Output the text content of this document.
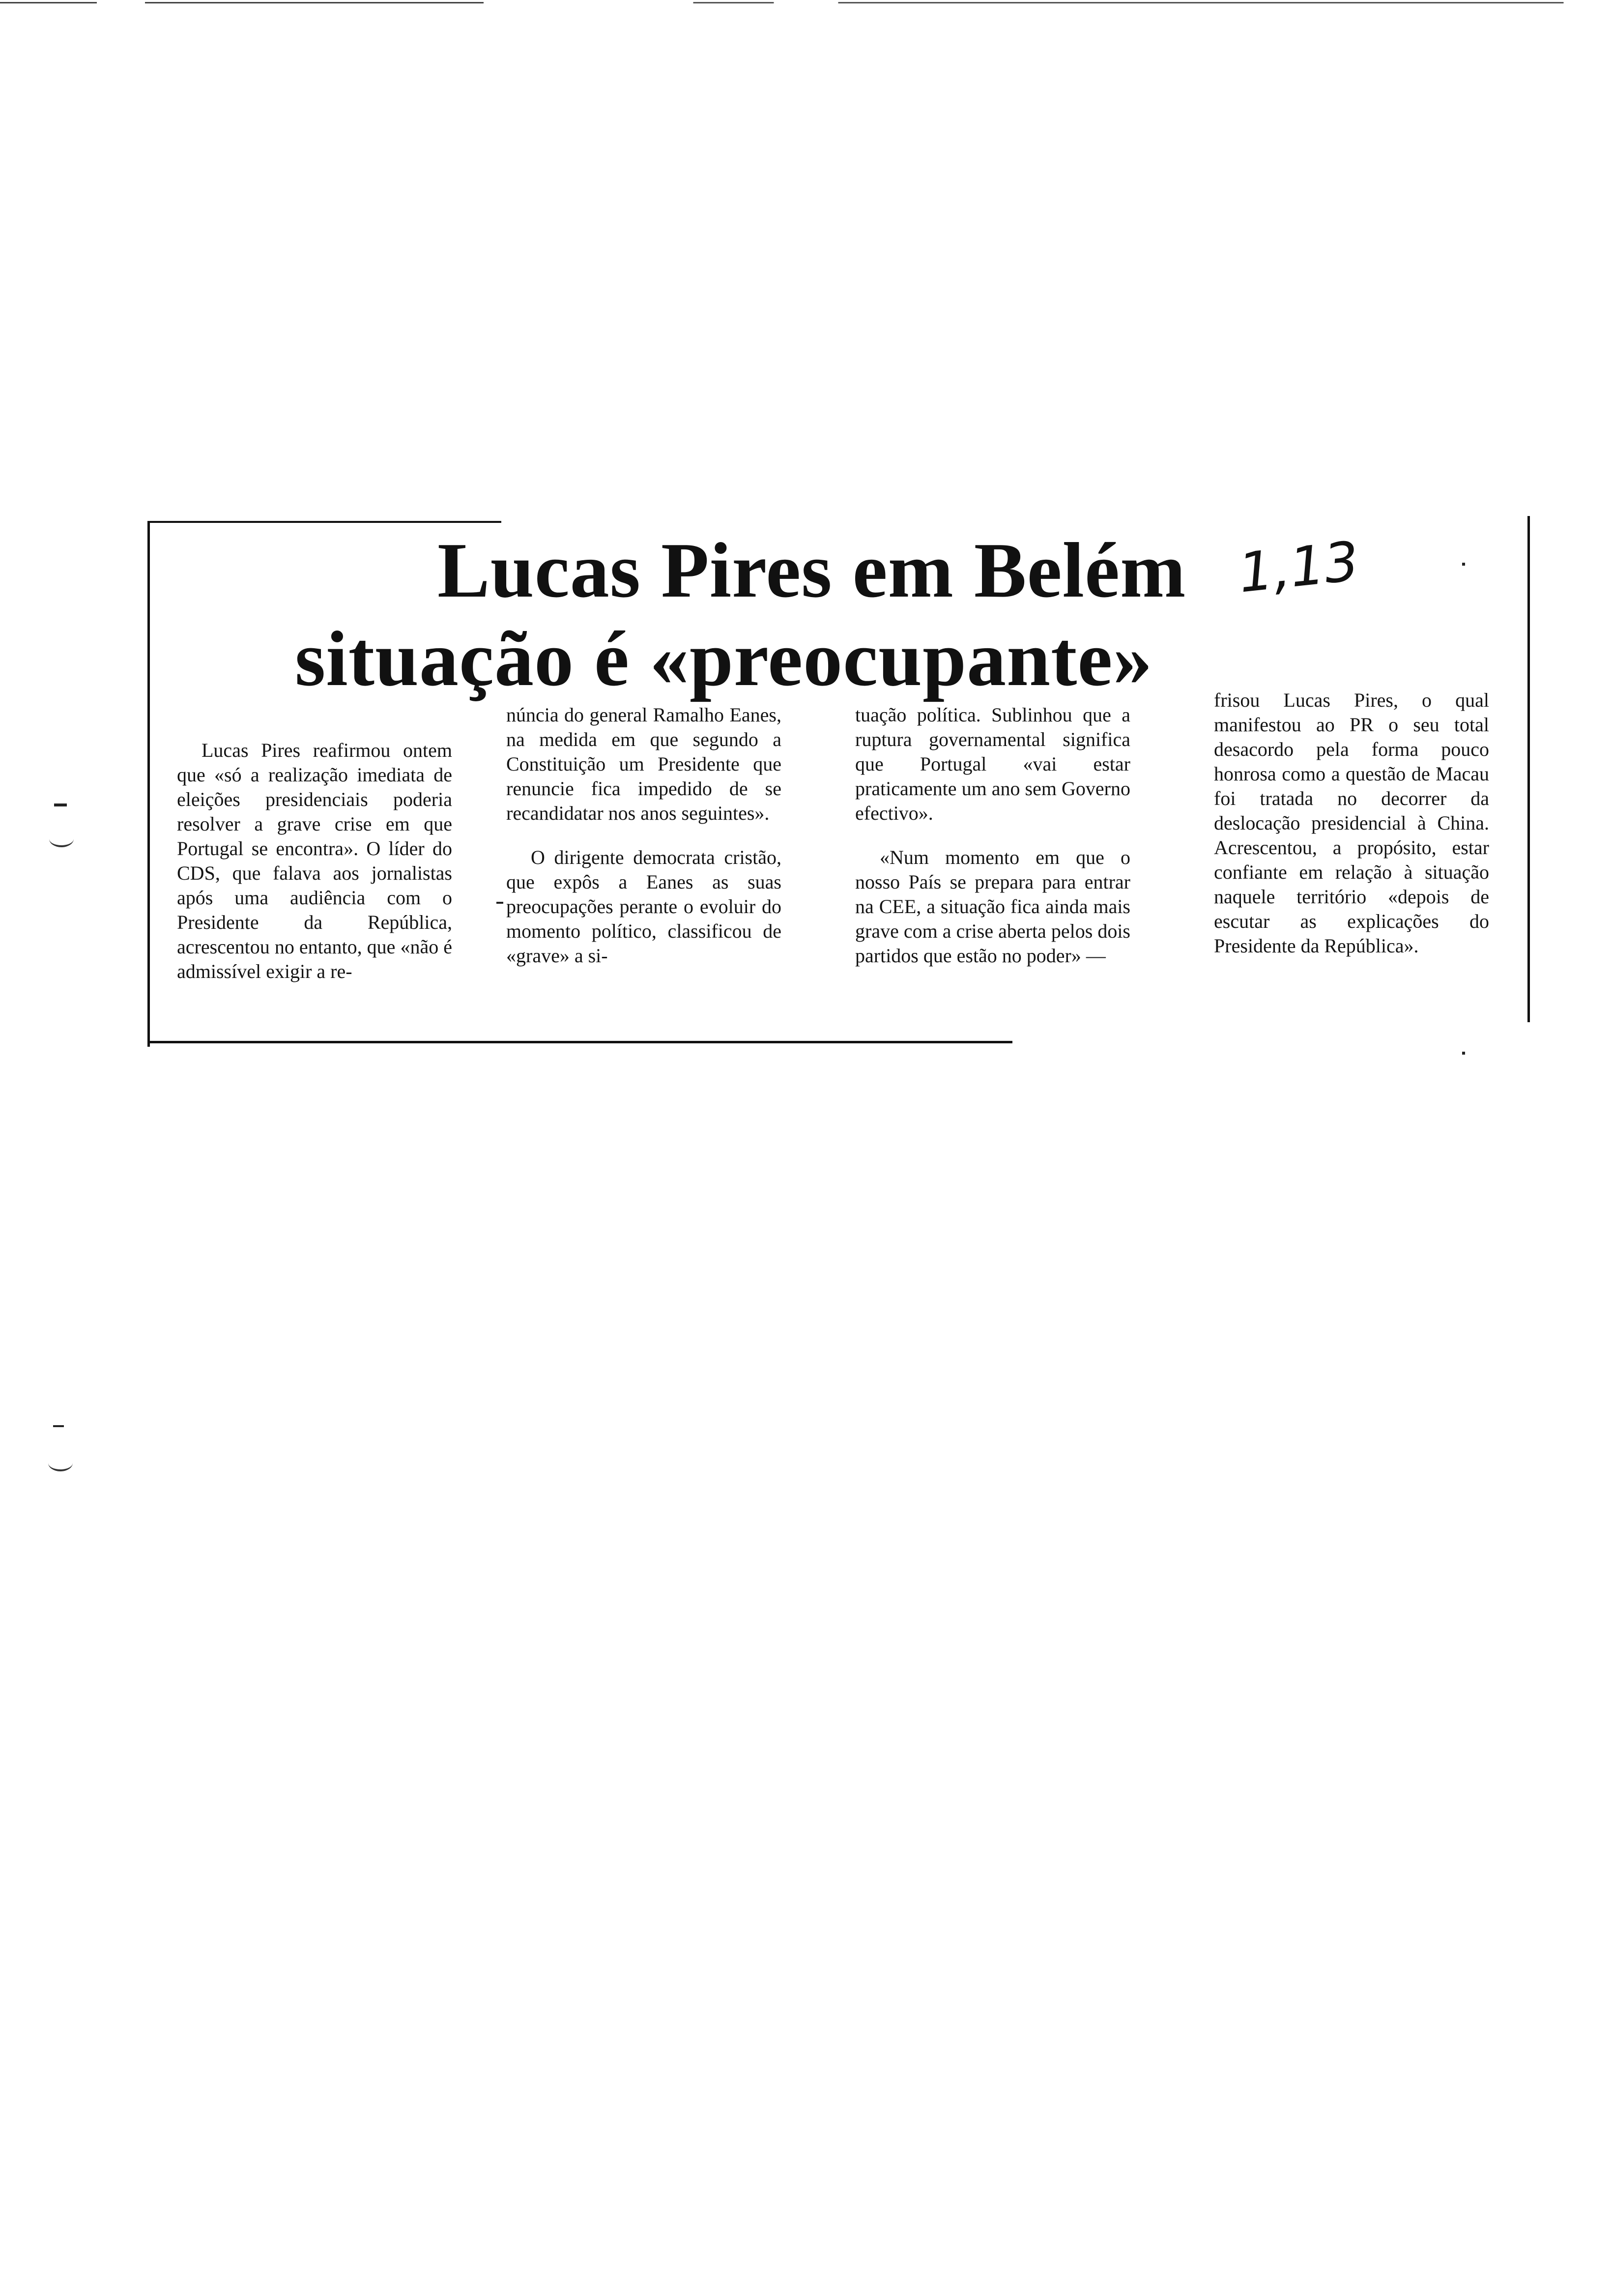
Lucas Pires em Belém
situação é «preocupante»
1,13

Lucas Pires reafirmou ontem que «só a realização imediata de eleições presidenciais poderia resolver a grave crise em que Portugal se encontra». O líder do CDS, que falava aos jornalistas após uma audiência com o Presidente da República, acrescentou no entanto, que «não é admissível exigir a re-

núncia do general Ramalho Eanes, na medida em que segundo a Constituição um Presidente que renuncie fica impedido de se recandidatar nos anos seguintes».

O dirigente democrata cristão, que expôs a Eanes as suas preocupações perante o evoluir do momento político, classificou de «grave» a si-

tuação política. Sublinhou que a ruptura governamental significa que Portugal «vai estar praticamente um ano sem Governo efectivo».

«Num momento em que o nosso País se prepara para entrar na CEE, a situação fica ainda mais grave com a crise aberta pelos dois partidos que estão no poder» —

frisou Lucas Pires, o qual manifestou ao PR o seu total desacordo pela forma pouco honrosa como a questão de Macau foi tratada no decorrer da deslocação presidencial à China. Acrescentou, a propósito, estar confiante em relação à situação naquele território «depois de escutar as explicações do Presidente da República».
